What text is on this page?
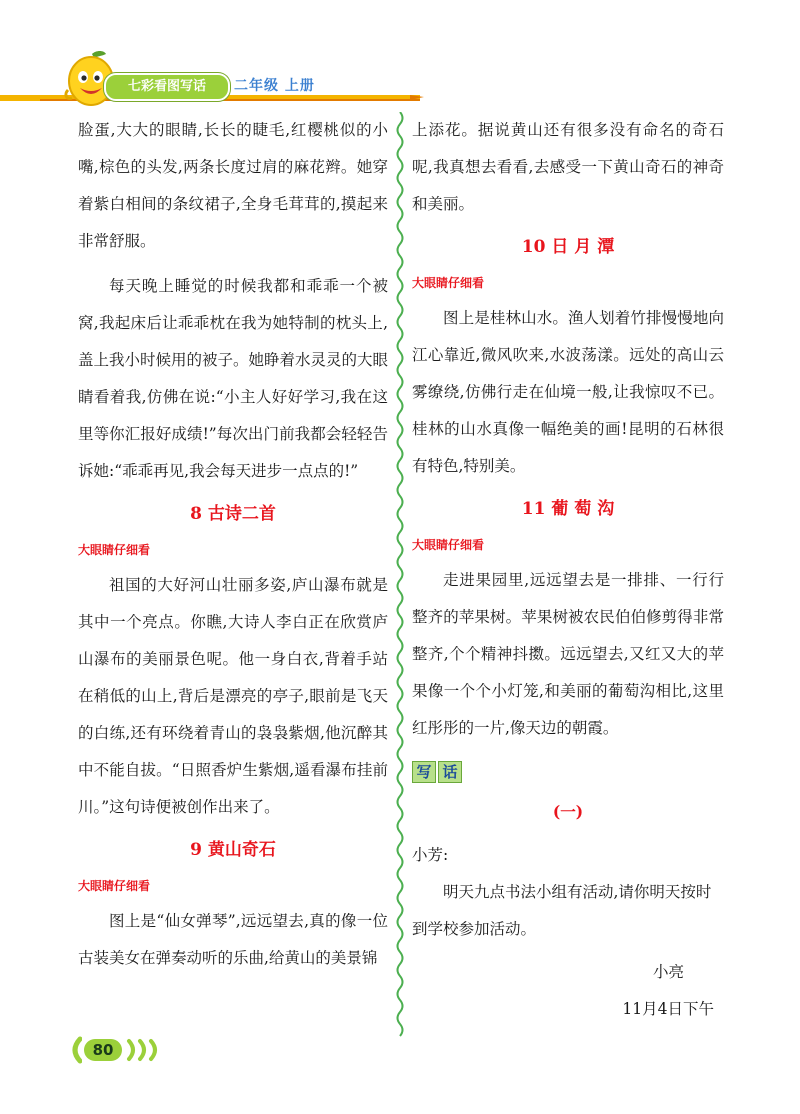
七彩看图写话	二年级 上册

脸蛋,大大的眼睛,长长的睫毛,红樱桃似的小嘴,棕色的头发,两条长度过肩的麻花辫。她穿着紫白相间的条纹裙子,全身毛茸茸的,摸起来非常舒服。

每天晚上睡觉的时候我都和乖乖一个被窝,我起床后让乖乖枕在我为她特制的枕头上,盖上我小时候用的被子。她睁着水灵灵的大眼睛看着我,仿佛在说:“小主人好好学习,我在这里等你汇报好成绩!”每次出门前我都会轻轻告诉她:“乖乖再见,我会每天进步一点点的!”

8 古诗二首
大眼睛仔细看

祖国的大好河山壮丽多姿,庐山瀑布就是其中一个亮点。你瞧,大诗人李白正在欣赏庐山瀑布的美丽景色呢。他一身白衣,背着手站在稍低的山上,背后是漂亮的亭子,眼前是飞天的白练,还有环绕着青山的袅袅紫烟,他沉醉其中不能自拔。“日照香炉生紫烟,遥看瀑布挂前川。”这句诗便被创作出来了。

9 黄山奇石
大眼睛仔细看

图上是“仙女弹琴”,远远望去,真的像一位古装美女在弹奏动听的乐曲,给黄山的美景锦

上添花。据说黄山还有很多没有命名的奇石呢,我真想去看看,去感受一下黄山奇石的神奇和美丽。

10 日 月 潭
大眼睛仔细看

图上是桂林山水。渔人划着竹排慢慢地向江心靠近,微风吹来,水波荡漾。远处的高山云雾缭绕,仿佛行走在仙境一般,让我惊叹不已。桂林的山水真像一幅绝美的画!昆明的石林很有特色,特别美。

11 葡 萄 沟
大眼睛仔细看

走进果园里,远远望去是一排排、一行行整齐的苹果树。苹果树被农民伯伯修剪得非常整齐,个个精神抖擞。远远望去,又红又大的苹果像一个个小灯笼,和美丽的葡萄沟相比,这里红彤彤的一片,像天边的朝霞。

写 话
(一)

小芳:

明天九点书法小组有活动,请你明天按时到学校参加活动。

小亮

11月4日下午

80
